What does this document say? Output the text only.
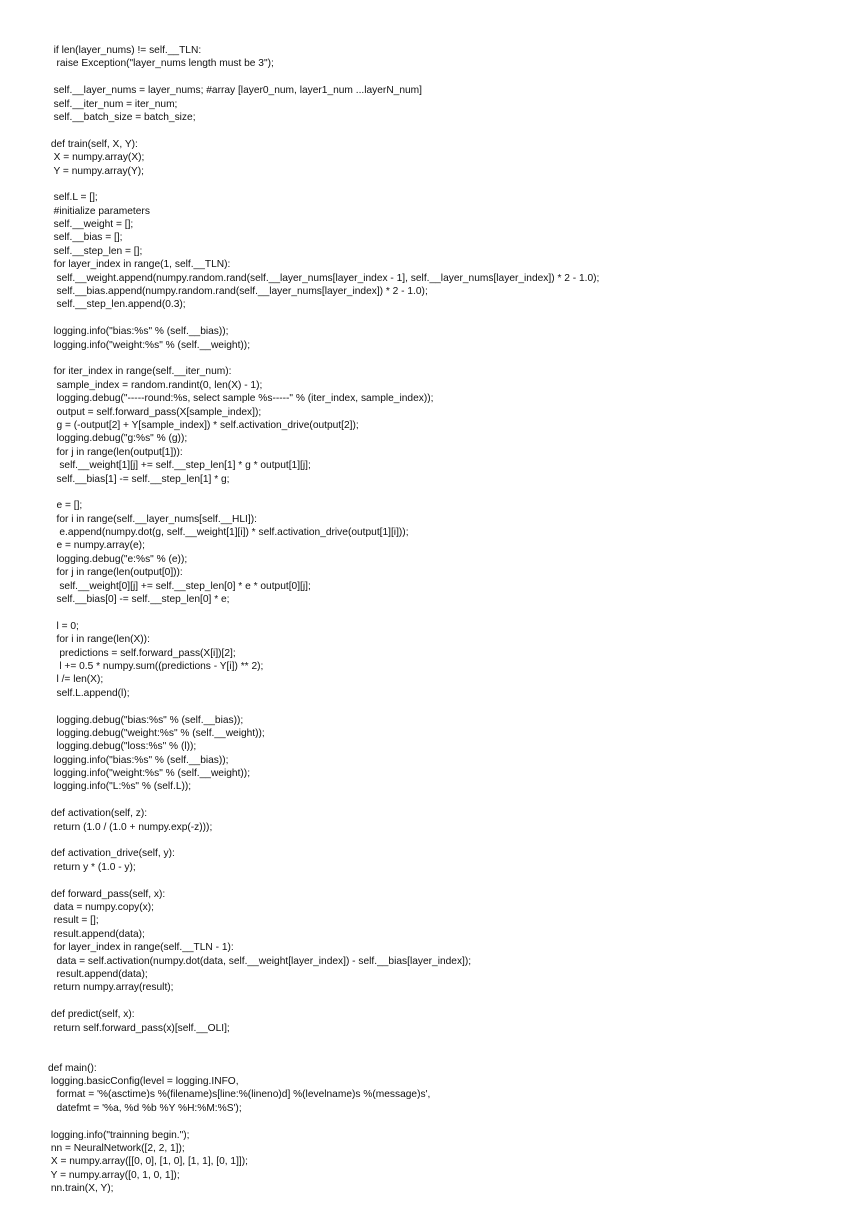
if len(layer_nums) != self.__TLN:
raise Exception("layer_nums length must be 3");
self.__layer_nums = layer_nums; #array [layer0_num, layer1_num ...layerN_num]
self.__iter_num = iter_num;
self.__batch_size = batch_size;
def train(self, X, Y):
X = numpy.array(X);
Y = numpy.array(Y);
self.L = [];
#initialize parameters
self.__weight = [];
self.__bias = [];
self.__step_len = [];
for layer_index in range(1, self.__TLN):
self.__weight.append(numpy.random.rand(self.__layer_nums[layer_index - 1], self.__layer_nums[layer_index]) * 2 - 1.0);
self.__bias.append(numpy.random.rand(self.__layer_nums[layer_index]) * 2 - 1.0);
self.__step_len.append(0.3);
logging.info("bias:%s" % (self.__bias));
logging.info("weight:%s" % (self.__weight));
for iter_index in range(self.__iter_num):
sample_index = random.randint(0, len(X) - 1);
logging.debug("-----round:%s, select sample %s-----" % (iter_index, sample_index));
output = self.forward_pass(X[sample_index]);
g = (-output[2] + Y[sample_index]) * self.activation_drive(output[2]);
logging.debug("g:%s" % (g));
for j in range(len(output[1])):
self.__weight[1][j] += self.__step_len[1] * g * output[1][j];
self.__bias[1] -= self.__step_len[1] * g;
e = [];
for i in range(self.__layer_nums[self.__HLI]):
e.append(numpy.dot(g, self.__weight[1][i]) * self.activation_drive(output[1][i]));
e = numpy.array(e);
logging.debug("e:%s" % (e));
for j in range(len(output[0])):
self.__weight[0][j] += self.__step_len[0] * e * output[0][j];
self.__bias[0] -= self.__step_len[0] * e;
l = 0;
for i in range(len(X)):
predictions = self.forward_pass(X[i])[2];
l += 0.5 * numpy.sum((predictions - Y[i]) ** 2);
l /= len(X);
self.L.append(l);
logging.debug("bias:%s" % (self.__bias));
logging.debug("weight:%s" % (self.__weight));
logging.debug("loss:%s" % (l));
logging.info("bias:%s" % (self.__bias));
logging.info("weight:%s" % (self.__weight));
logging.info("L:%s" % (self.L));
def activation(self, z):
return (1.0 / (1.0 + numpy.exp(-z)));
def activation_drive(self, y):
return y * (1.0 - y);
def forward_pass(self, x):
data = numpy.copy(x);
result = [];
result.append(data);
for layer_index in range(self.__TLN - 1):
data = self.activation(numpy.dot(data, self.__weight[layer_index]) - self.__bias[layer_index]);
result.append(data);
return numpy.array(result);
def predict(self, x):
return self.forward_pass(x)[self.__OLI];
def main():
logging.basicConfig(level = logging.INFO,
format = '%(asctime)s %(filename)s[line:%(lineno)d] %(levelname)s %(message)s',
datefmt = '%a, %d %b %Y %H:%M:%S');
logging.info("trainning begin.");
nn = NeuralNetwork([2, 2, 1]);
X = numpy.array([[0, 0], [1, 0], [1, 1], [0, 1]]);
Y = numpy.array([0, 1, 0, 1]);
nn.train(X, Y);
